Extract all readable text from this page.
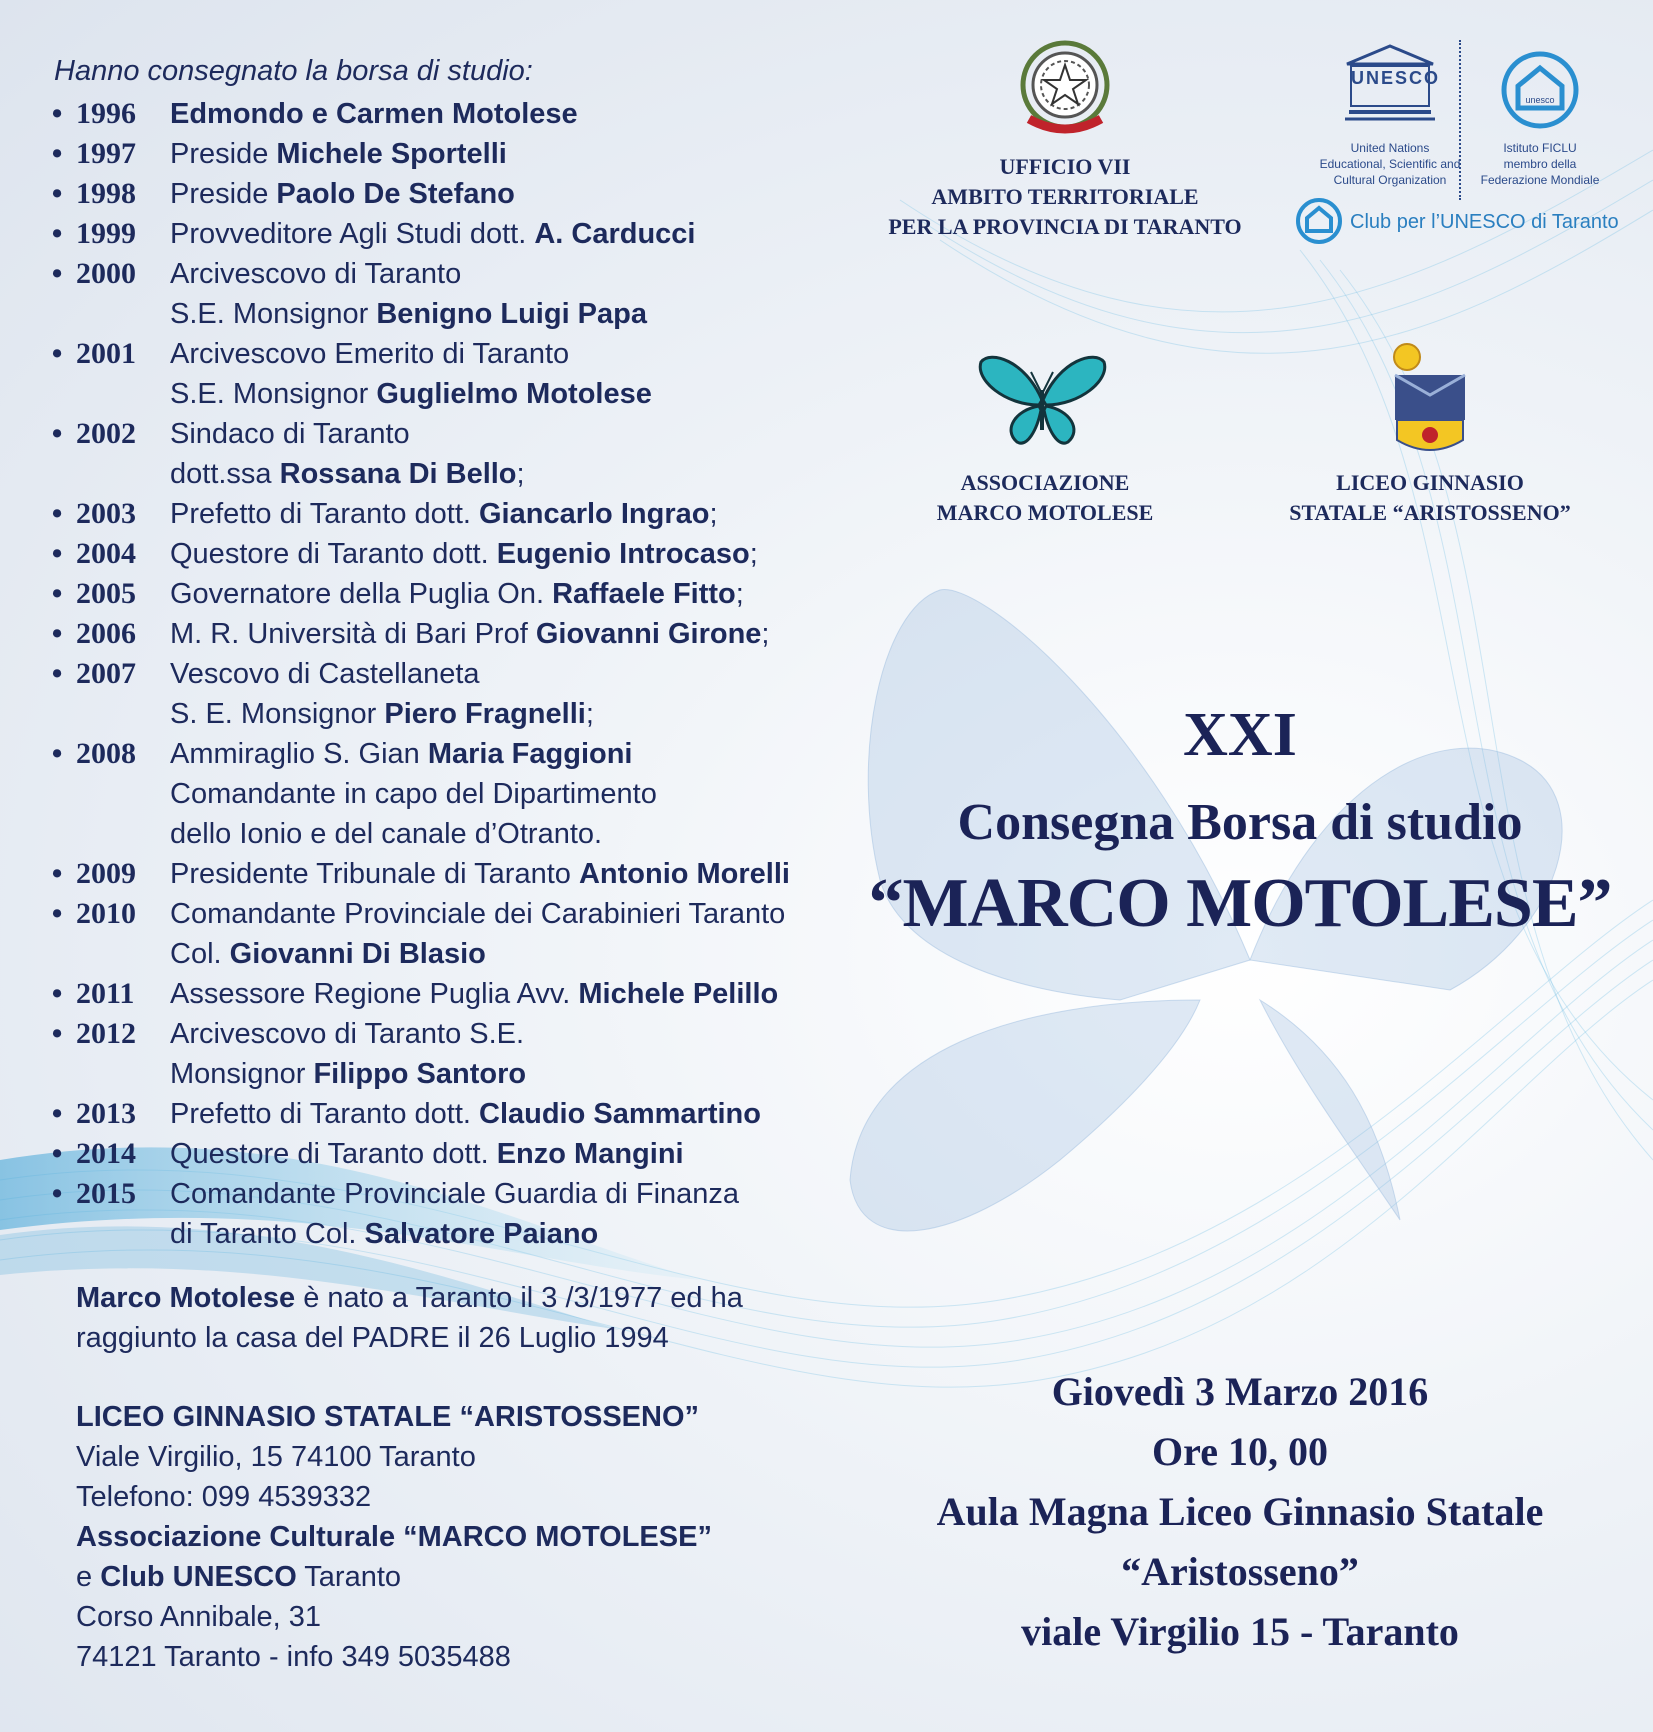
Hanno consegnato la borsa di studio:
• 1996 Edmondo e Carmen Motolese
• 1997 Preside Michele Sportelli
• 1998 Preside Paolo De Stefano
• 1999 Provveditore Agli Studi dott. A. Carducci
• 2000 Arcivescovo di Taranto
S.E. Monsignor Benigno Luigi Papa
• 2001 Arcivescovo Emerito di Taranto
S.E. Monsignor Guglielmo Motolese
• 2002 Sindaco di Taranto
dott.ssa Rossana Di Bello;
• 2003 Prefetto di Taranto dott. Giancarlo Ingrao;
• 2004 Questore di Taranto dott. Eugenio Introcaso;
• 2005 Governatore della Puglia On. Raffaele Fitto;
• 2006 M. R. Università di Bari Prof Giovanni Girone;
• 2007 Vescovo di Castellaneta
S. E. Monsignor Piero Fragnelli;
• 2008 Ammiraglio S. Gian Maria Faggioni
Comandante in capo del Dipartimento
dello Ionio e del canale d’Otranto.
• 2009 Presidente Tribunale di Taranto Antonio Morelli
• 2010 Comandante Provinciale dei Carabinieri Taranto
Col. Giovanni Di Blasio
• 2011 Assessore Regione Puglia Avv. Michele Pelillo
• 2012 Arcivescovo di Taranto S.E.
Monsignor Filippo Santoro
• 2013 Prefetto di Taranto dott. Claudio Sammartino
• 2014 Questore di Taranto dott. Enzo Mangini
• 2015 Comandante Provinciale Guardia di Finanza
di Taranto Col. Salvatore Paiano
Marco Motolese è nato a Taranto il 3 /3/1977 ed ha
raggiunto la casa del PADRE il 26 Luglio 1994
LICEO GINNASIO STATALE “ARISTOSSENO”
Viale Virgilio, 15 74100 Taranto
Telefono: 099 4539332
Associazione Culturale “MARCO MOTOLESE”
e Club UNESCO Taranto
Corso Annibale, 31
74121 Taranto - info 349 5035488
UFFICIO VII
AMBITO TERRITORIALE
PER LA PROVINCIA DI TARANTO
UNESCO
United Nations
Educational, Scientific and
Cultural Organization
unesco
Istituto FICLU
membro della
Federazione Mondiale
Club per l’UNESCO di Taranto
ASSOCIAZIONE
MARCO MOTOLESE
LICEO GINNASIO
STATALE “ARISTOSSENO”
XXI
Consegna Borsa di studio
“MARCO MOTOLESE”
Giovedì 3 Marzo 2016
Ore 10, 00
Aula Magna Liceo Ginnasio Statale
“Aristosseno”
viale Virgilio 15 - Taranto
